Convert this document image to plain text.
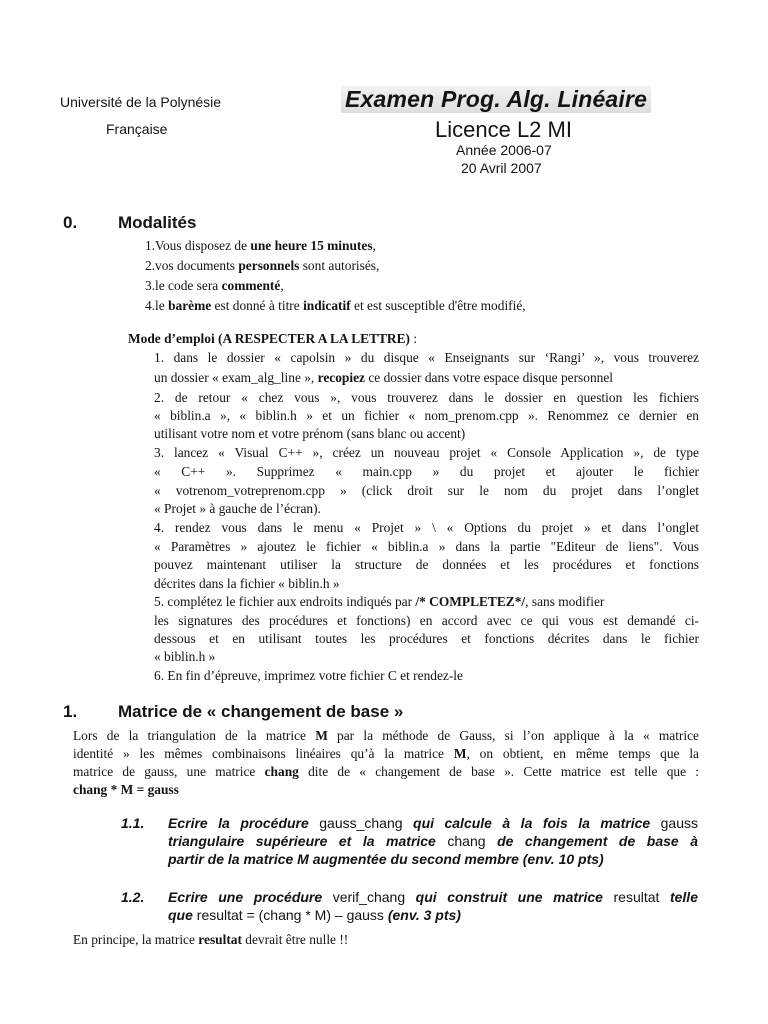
Université de la Polynésie
Française
Examen Prog. Alg. Linéaire
Licence L2 MI
Année 2006-07
20 Avril 2007
0. Modalités
1.Vous disposez de une heure 15 minutes,
2.vos documents personnels sont autorisés,
3.le code sera commenté,
4.le barème est donné à titre indicatif et est susceptible d'être modifié,
Mode d’emploi (A RESPECTER A LA LETTRE) :
1. dans le dossier « capolsin » du disque « Enseignants sur ‘Rangi’ », vous trouverez
un dossier « exam_alg_line », recopiez ce dossier dans votre espace disque personnel
2. de retour « chez vous », vous trouverez dans le dossier en question les fichiers
« biblin.a », « biblin.h » et un fichier « nom_prenom.cpp ». Renommez ce dernier en
utilisant votre nom et votre prénom (sans blanc ou accent)
3. lancez « Visual C++ », créez un nouveau projet « Console Application », de type
« C++ ». Supprimez « main.cpp » du projet et ajouter le fichier
« votrenom_votreprenom.cpp » (click droit sur le nom du projet dans l’onglet
« Projet » à gauche de l’écran).
4. rendez vous dans le menu « Projet » \ « Options du projet » et dans l’onglet
« Paramètres » ajoutez le fichier « biblin.a » dans la partie "Editeur de liens". Vous
pouvez maintenant utiliser la structure de données et les procédures et fonctions
décrites dans la fichier « biblin.h »
5. complétez le fichier aux endroits indiqués par /* COMPLETEZ*/, sans modifier
les signatures des procédures et fonctions) en accord avec ce qui vous est demandé ci-
dessous et en utilisant toutes les procédures et fonctions décrites dans le fichier
« biblin.h »
6. En fin d’épreuve, imprimez votre fichier C et rendez-le
1. Matrice de « changement de base »
Lors de la triangulation de la matrice M par la méthode de Gauss, si l’on applique à la « matrice
identité » les mêmes combinaisons linéaires qu’à la matrice M, on obtient, en même temps que la
matrice de gauss, une matrice chang dite de « changement de base ». Cette matrice est telle que :
chang * M = gauss
1.1. Ecrire la procédure gauss_chang qui calcule à la fois la matrice gauss
triangulaire supérieure et la matrice chang de changement de base à
partir de la matrice M augmentée du second membre (env. 10 pts)
1.2. Ecrire une procédure verif_chang qui construit une matrice resultat telle
que resultat = (chang * M) – gauss (env. 3 pts)
En principe, la matrice resultat devrait être nulle !!
